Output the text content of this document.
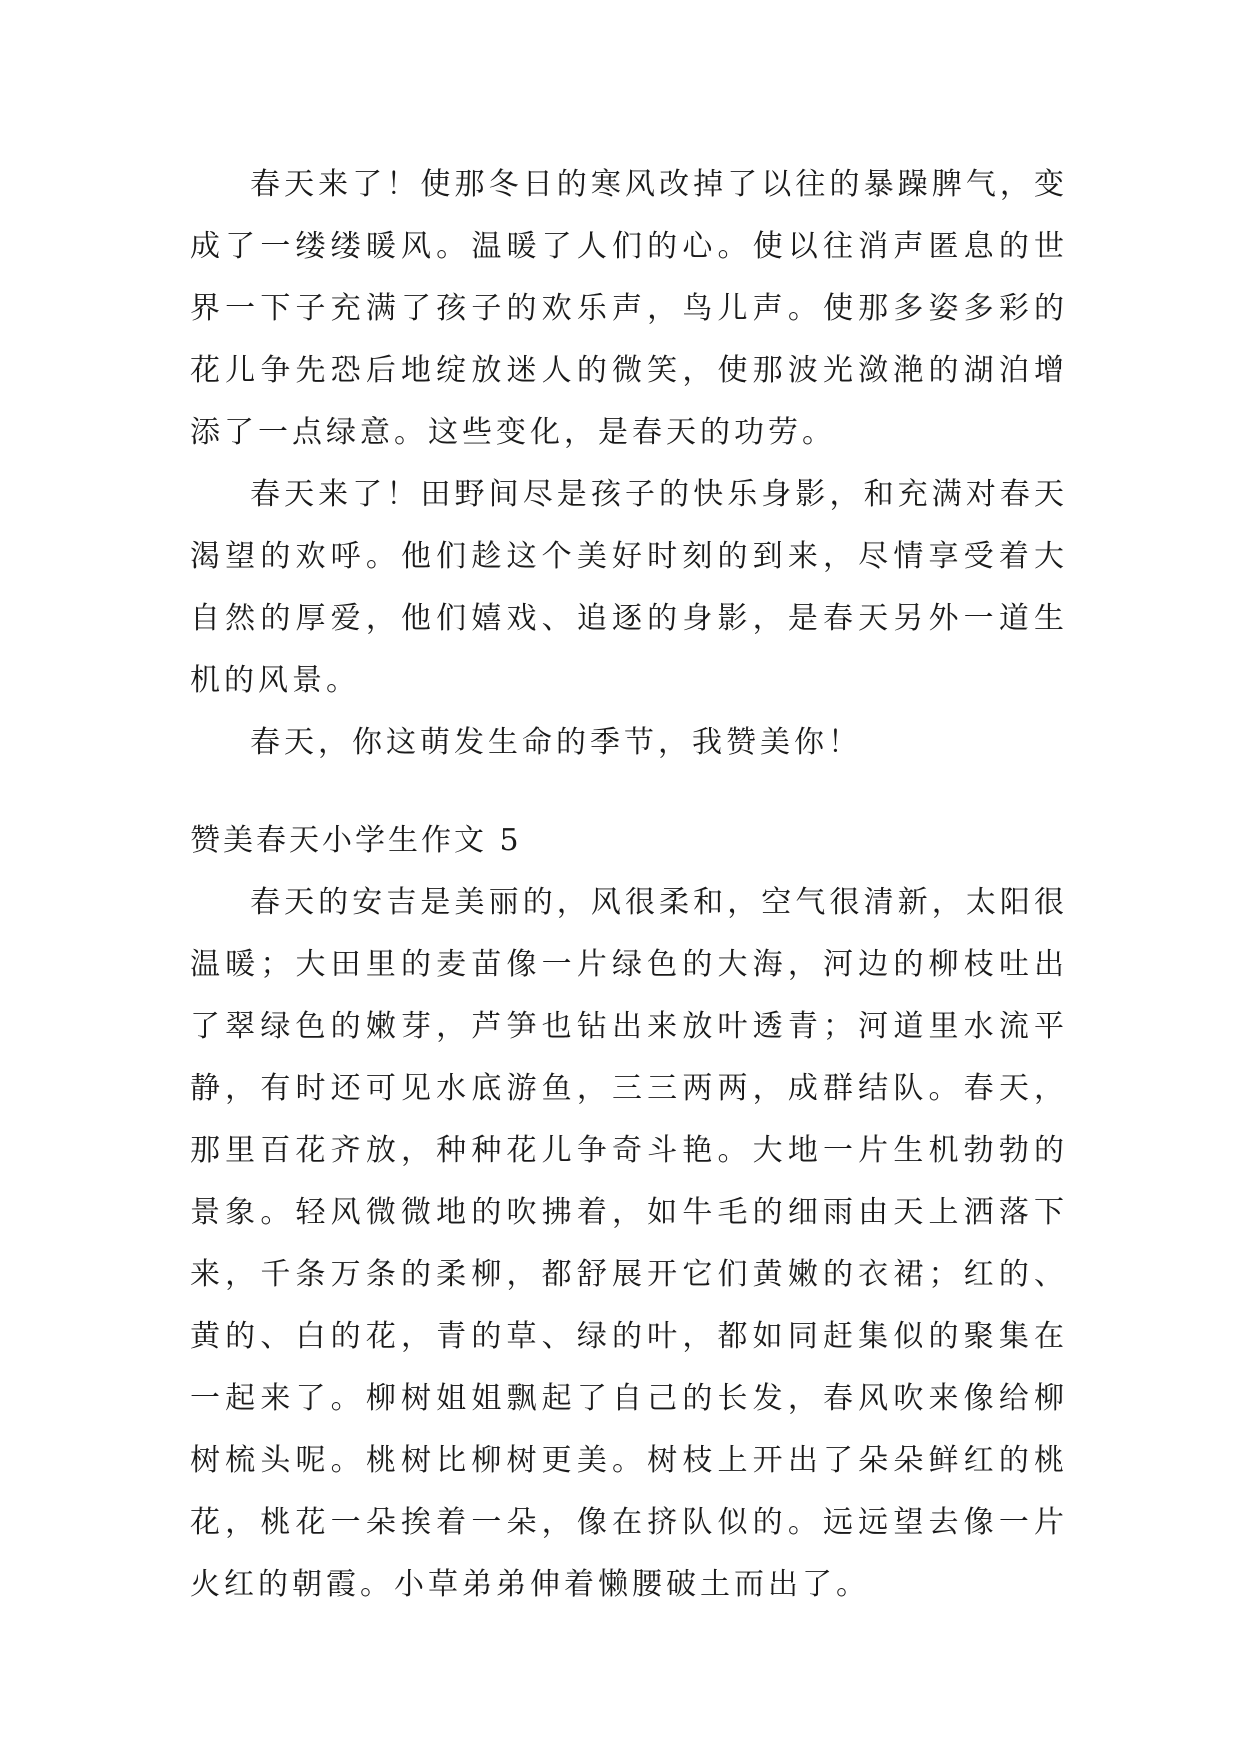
春天来了！使那冬日的寒风改掉了以往的暴躁脾气，变成了一缕缕暖风。温暖了人们的心。使以往消声匿息的世界一下子充满了孩子的欢乐声，鸟儿声。使那多姿多彩的花儿争先恐后地绽放迷人的微笑，使那波光潋滟的湖泊增添了一点绿意。这些变化，是春天的功劳。

春天来了！田野间尽是孩子的快乐身影，和充满对春天渴望的欢呼。他们趁这个美好时刻的到来，尽情享受着大自然的厚爱，他们嬉戏、追逐的身影，是春天另外一道生机的风景。

春天，你这萌发生命的季节，我赞美你！

赞美春天小学生作文 5

春天的安吉是美丽的，风很柔和，空气很清新，太阳很温暖；大田里的麦苗像一片绿色的大海，河边的柳枝吐出了翠绿色的嫩芽，芦笋也钻出来放叶透青；河道里水流平静，有时还可见水底游鱼，三三两两，成群结队。春天，那里百花齐放，种种花儿争奇斗艳。大地一片生机勃勃的景象。轻风微微地的吹拂着，如牛毛的细雨由天上洒落下来，千条万条的柔柳，都舒展开它们黄嫩的衣裙；红的、黄的、白的花，青的草、绿的叶，都如同赶集似的聚集在一起来了。柳树姐姐飘起了自己的长发，春风吹来像给柳树梳头呢。桃树比柳树更美。树枝上开出了朵朵鲜红的桃花，桃花一朵挨着一朵，像在挤队似的。远远望去像一片火红的朝霞。小草弟弟伸着懒腰破土而出了。
